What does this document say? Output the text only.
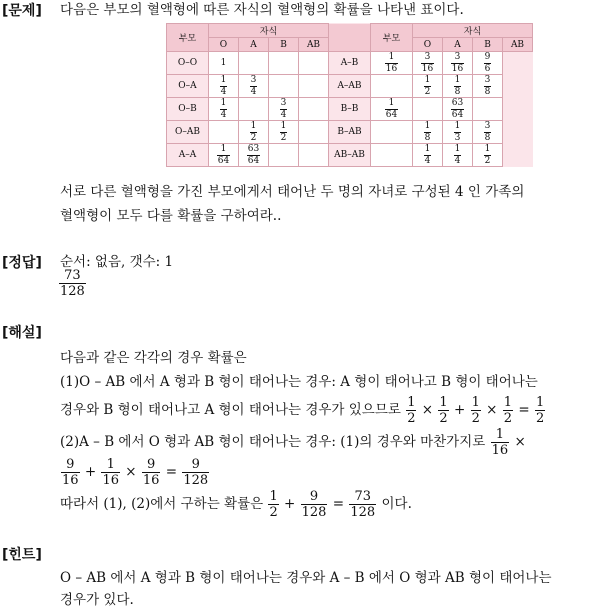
[문제] 다음은 부모의 혈액형에 따른 자식의 혈액형의 확률을 나타낸 표이다.
부모	자식					부모	자식			
	O	A	B	AB			O	A	B	AB
O–O	1				A–B	$\frac{1}{16}$	$\frac{3}{16}$	$\frac{3}{16}$	$\frac{9}{6}$

O–A	$\frac{1}{4}$	$\frac{3}{4}$			A–AB		$\frac{1}{2}$	$\frac{1}{8}$	$\frac{3}{8}$

O–B	$\frac{1}{4}$		$\frac{3}{4}$		B–B	$\frac{1}{64}$		$\frac{63}{64}$

O–AB		$\frac{1}{2}$	$\frac{1}{2}$		B–AB		$\frac{1}{8}$	$\frac{1}{3}$	$\frac{3}{8}$

A–A	$\frac{1}{64}$	$\frac{63}{64}$			AB–AB		$\frac{1}{4}$	$\frac{1}{4}$	$\frac{1}{2}$
서로 다른 혈액형을 가진 부모에게서 태어난 두 명의 자녀로 구성된 4 인 가족의
혈액형이 모두 다를 확률을 구하여라..
[정답] 순서: 없음, 갯수: 1
$\frac{73}{128}$
[해설]
다음과 같은 각각의 경우 확률은
(1)O – AB 에서 A 형과 B 형이 태어나는 경우: A 형이 태어나고 B 형이 태어나는
경우와 B 형이 태어나고 A 형이 태어나는 경우가 있으므로 $\frac{1}{2} \times \frac{1}{2} + \frac{1}{2} \times \frac{1}{2} = \frac{1}{2}$
(2)A – B 에서 O 형과 AB 형이 태어나는 경우: (1)의 경우와 마찬가지로 $\frac{1}{16}$ ×
$\frac{9}{16} + \frac{1}{16} \times \frac{9}{16} = \frac{9}{128}$
따라서 (1), (2)에서 구하는 확률은 $\frac{1}{2} + \frac{9}{128} = \frac{73}{128}$ 이다.
[힌트]
O – AB 에서 A 형과 B 형이 태어나는 경우와 A – B 에서 O 형과 AB 형이 태어나는
경우가 있다.
